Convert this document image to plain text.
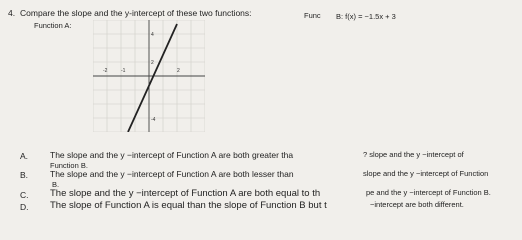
4. Compare the slope and the y-intercept of these two functions:
Function A:
Func B: f(x) = −1.5x + 3
4
2
-1
-2	2
-4
A.	The slope and the y −intercept of Function A are both greater tha	? slope and the y −intercept of
Function B.
B.	The slope and the y −intercept of Function A are both lesser than	slope and the y −intercept of Function
B.
C. The slope and the y −intercept of Function A are both equal to th	pe and the y −intercept of Function B.
D. The slope of Function A is equal than the slope of Function B but t	−intercept are both different.
